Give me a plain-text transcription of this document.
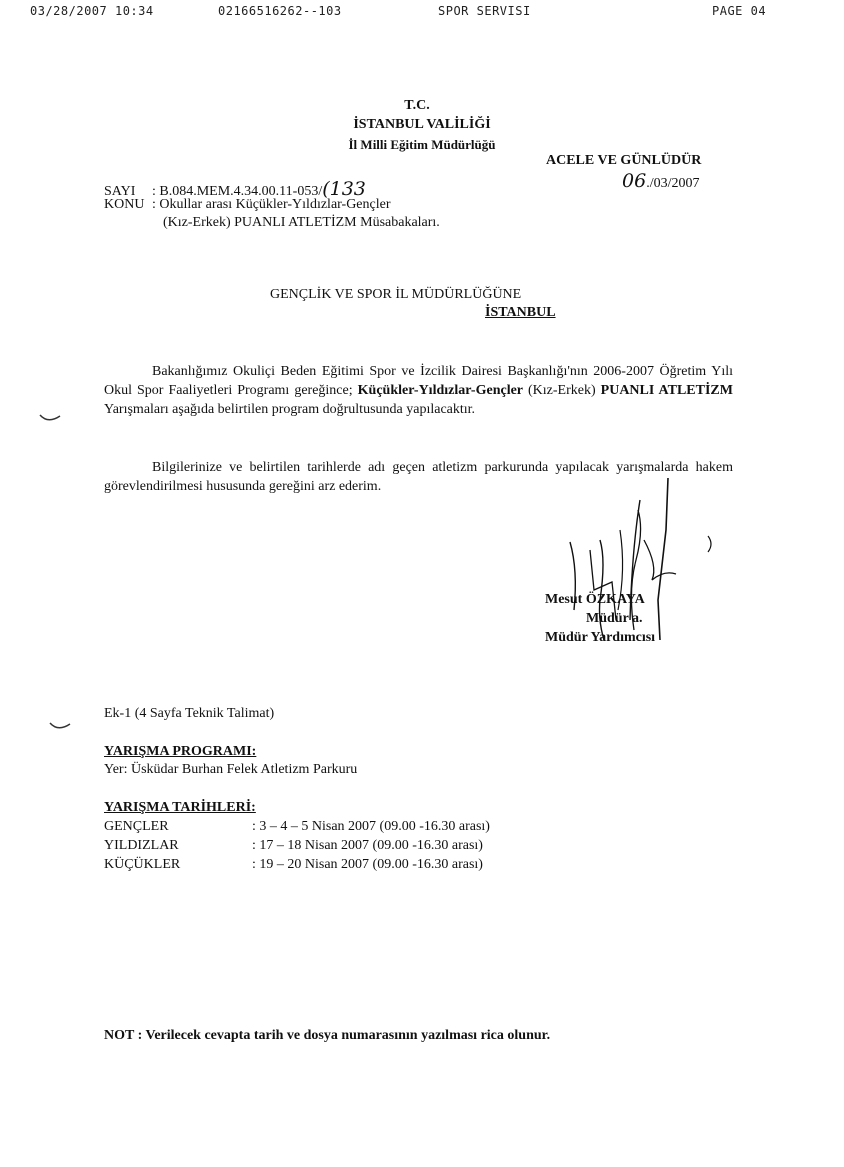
03/28/2007 10:34	02166516262--103	SPOR SERVISI	PAGE 04
T.C.
İSTANBUL VALİLİĞİ
İl Milli Eğitim Müdürlüğü
ACELE VE GÜNLÜDÜR
06./03/2007
SAYI : B.084.MEM.4.34.00.11-053/(133
KONU : Okullar arası Küçükler-Yıldızlar-Gençler
(Kız-Erkek) PUANLI ATLETİZM Müsabakaları.
GENÇLİK VE SPOR İL MÜDÜRLÜĞÜNE
İSTANBUL
Bakanlığımız Okuliçi Beden Eğitimi Spor ve İzcilik Dairesi Başkanlığı'nın 2006-2007 Öğretim Yılı Okul Spor Faaliyetleri Programı gereğince; Küçükler-Yıldızlar-Gençler (Kız-Erkek) PUANLI ATLETİZM Yarışmaları aşağıda belirtilen program doğrultusunda yapılacaktır.
Bilgilerinize ve belirtilen tarihlerde adı geçen atletizm parkurunda yapılacak yarışmalarda hakem görevlendirilmesi hususunda gereğini arz ederim.
Mesut ÖZKAYA
Müdür a.
Müdür Yardımcısı
Ek-1 (4 Sayfa Teknik Talimat)
YARIŞMA PROGRAMI:
Yer: Üsküdar Burhan Felek Atletizm Parkuru
YARIŞMA TARİHLERİ:
GENÇLER	: 3 – 4 – 5 Nisan 2007 (09.00 -16.30 arası)
YILDIZLAR	: 17 – 18 Nisan 2007 (09.00 -16.30 arası)
KÜÇÜKLER	: 19 – 20 Nisan 2007 (09.00 -16.30 arası)
NOT : Verilecek cevapta tarih ve dosya numarasının yazılması rica olunur.
